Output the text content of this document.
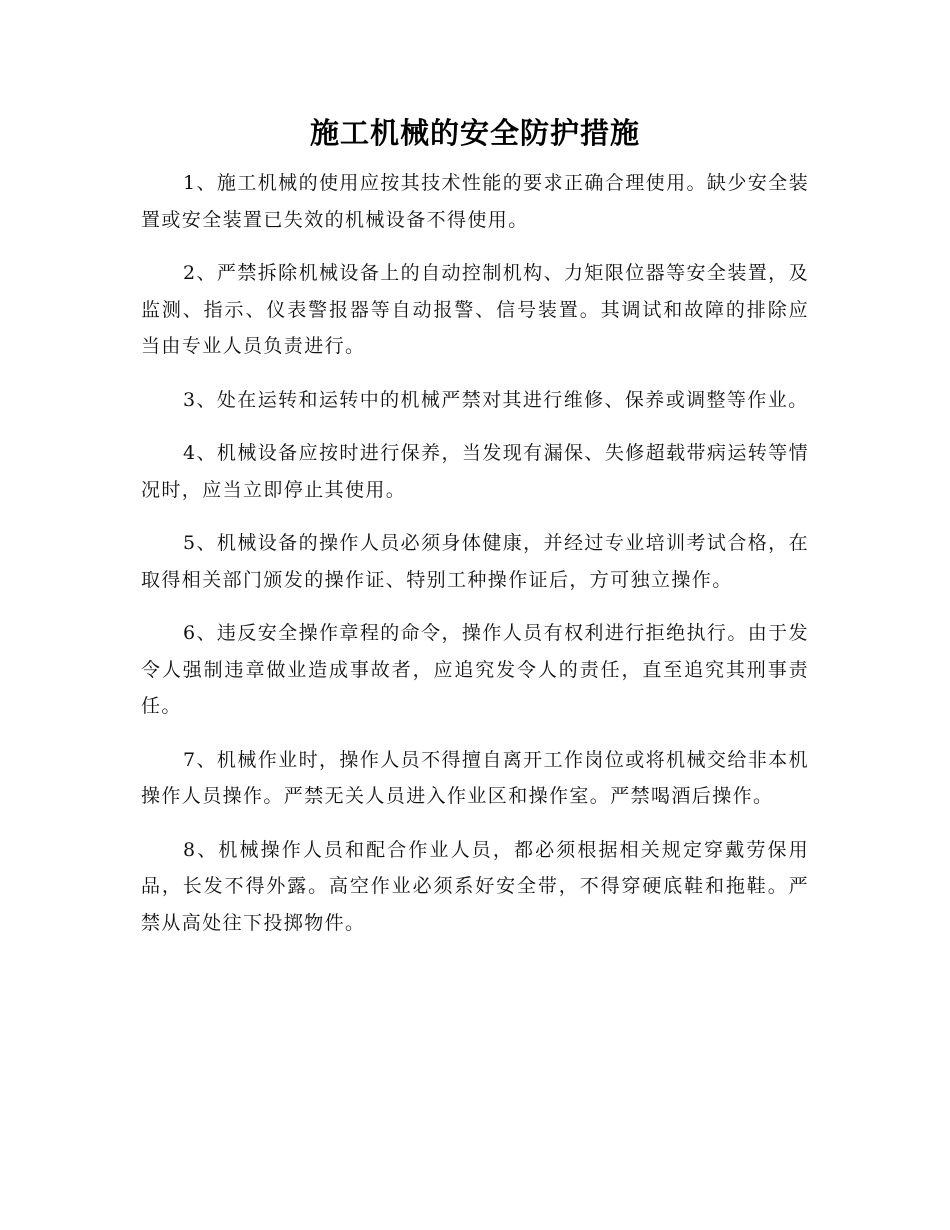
施工机械的安全防护措施

1、施工机械的使用应按其技术性能的要求正确合理使用。缺少安全装置或安全装置已失效的机械设备不得使用。

2、严禁拆除机械设备上的自动控制机构、力矩限位器等安全装置，及监测、指示、仪表警报器等自动报警、信号装置。其调试和故障的排除应当由专业人员负责进行。

3、处在运转和运转中的机械严禁对其进行维修、保养或调整等作业。

4、机械设备应按时进行保养，当发现有漏保、失修超载带病运转等情况时，应当立即停止其使用。

5、机械设备的操作人员必须身体健康，并经过专业培训考试合格，在取得相关部门颁发的操作证、特别工种操作证后，方可独立操作。

6、违反安全操作章程的命令，操作人员有权利进行拒绝执行。由于发令人强制违章做业造成事故者，应追究发令人的责任，直至追究其刑事责任。

7、机械作业时，操作人员不得擅自离开工作岗位或将机械交给非本机操作人员操作。严禁无关人员进入作业区和操作室。严禁喝酒后操作。

8、机械操作人员和配合作业人员，都必须根据相关规定穿戴劳保用品，长发不得外露。高空作业必须系好安全带，不得穿硬底鞋和拖鞋。严禁从高处往下投掷物件。
